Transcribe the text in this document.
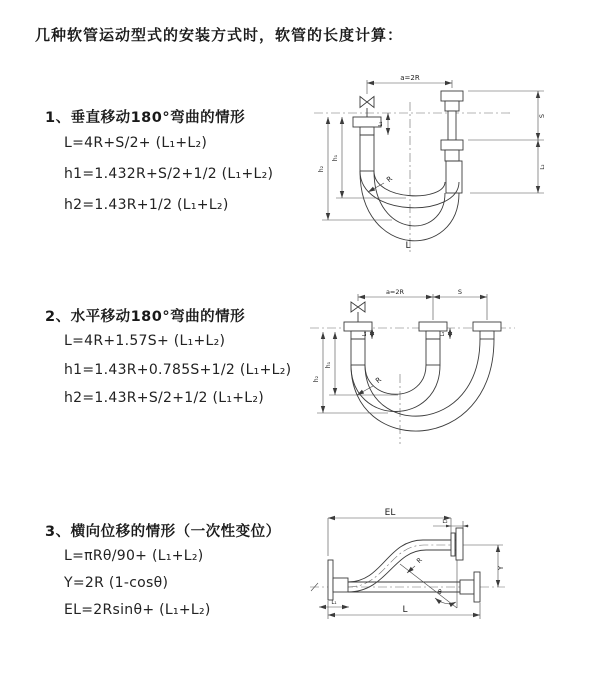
几种软管运动型式的安装方式时，软管的长度计算：
1、垂直移动180°弯曲的情形
L=4R+S/2+ (L₁+L₂)
h1=1.432R+S/2+1/2 (L₁+L₂)
h2=1.43R+1/2 (L₁+L₂)
2、水平移动180°弯曲的情形
L=4R+1.57S+ (L₁+L₂)
h1=1.43R+0.785S+1/2 (L₁+L₂)
h2=1.43R+S/2+1/2 (L₁+L₂)
3、横向位移的情形（一次性变位）
L=πRθ/90+ (L₁+L₂)
Y=2R (1-cosθ)
EL=2Rsinθ+ (L₁+L₂)
a=2R
L₁
S
L₂
h₁
h₂
R
L
a=2R	S
L₁	L₂
h₁
h₂	R
θ
R
EL
L₂
Y
L₁
L
